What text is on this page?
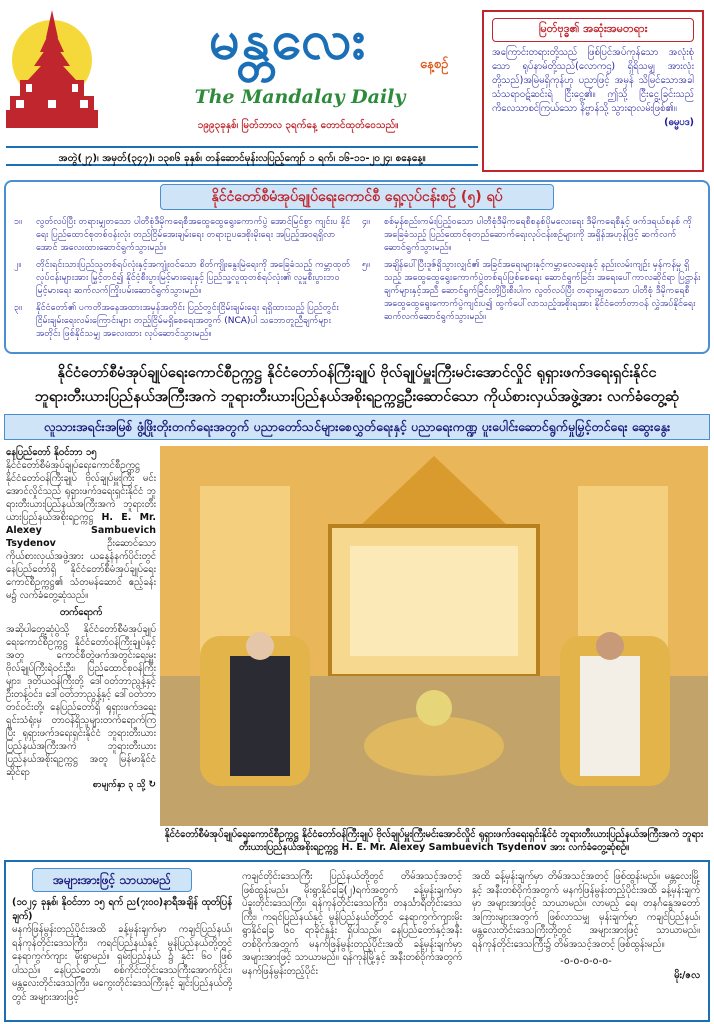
မန္တလေး	နေ့စဉ်
The Mandalay Daily
၁၉၉၃ခုနှစ်၊ မြတ်ဘာလ ၃ရက်နေ့ တောင်ထုတ်ဝေသည်။
အတွဲ(၂၇)၊ အမှတ်(၃၄၇)၊ ၁၃၈၆ ခုနှစ်၊ တန်ဆောင်မုန်းလပြည့်ကျော် ၁ ရက်၊ ၁၆-၁၁-၂၀၂၄၊ စနေနေ့။
မြတ်ဗုဒ္ဓ၏ အဆုံးအမတရား
အကြောင်းတရားတို့သည် ဖြစ်ပြင်အပ်ကုန်သော အလုံးစုံသော ရုပ်နာမ်တို့သည်(လောကဌ) ရှိရိသမျှ အားလုံးတို့သည်)အမြဲမရှိကုန်ဟု ပညာဖြင့် အမှန် သိမြင်သောအခါ သံသရာဝဋ်ဆင်းရဲ ငြီးငွေ့၏။ ဤသို့ ငြီးငွေ့ခြင်းသည် ကိလေသာစင်ကြယ်သော နိဗ္ဗာန်သို့ သွားရာလမ်းဖြစ်၏။
(ဓမ္မပဒ)
နိုင်ငံတော်စီမံအုပ်ချုပ်ရေးကောင်စီ ရှေ့လုပ်ငန်းစဉ် (၅) ရပ်
၁။	လွတ်လပ်ပြီး တရားမျှတသော ပါတီစုံဒီမိုကရေစီအထွေထွေရွေးကောက်ပွဲ အောင်မြင်စွာ ကျင်းပ နိုင်ရေး ပြည်ထောင်စုတစ်ဝန်းလုံး တည်ငြိမ်အေးချမ်းရေး တရားဥပဒေစိုးမိုးရေး အပြည့်အဝရရှိလာ အောင် အလေးထားဆောင်ရွက်သွားမည်။
၂။	တိုင်းရင်းသားပြည်သူတစ်ရပ်လုံးနှင့်အကျုံးဝင်သော စိတ်ကျိုးနွေးမြဲရေးကို အခြေခံသည့် ကမ္ဘာထုတ် လုပ်ငန်းများအား မြှင့်တင်၍ နိုင်ငံ့စီးပွားမြင့်မားရေးနှင့် ပြည်သူ့လူထုတစ်ရပ်လုံး၏ လူမှုစီးပွားဘဝ မြင့်မားရေး ဆက်လက်ကြိုးပမ်းဆောင်ရွက်သွားမည်။
၃။	နိုင်ငံတော်၏ ပကတိအနေအထားအမှန်အတိုင်း ပြည်တွင်းငြိမ်းချမ်းရေး ရရှိထားသည့် ပြည်တွင်း ငြိမ်းချမ်းရေးလမ်းကြောင်းများ တည့်ငြိမ်မရှိစေရေးအတွက် (NCA)ပါ သဘောတူညီချက်များအတိုင်း ဖြစ်နိုင်သမျှ အလေးထား လုပ်ဆောင်သွားမည်။
၄။	စစ်မှန်စည်းကမ်းပြည့်ဝသော ပါတီစုံဒီမိုကရေစီစနစ်ပိုမလေးရေး ဒီမိုကရေစီနှင့် ဖက်ဒရယ်စနစ် ကို အခြေခံသည့် ပြည်ထောင်စုတည်ဆောက်ရေးလုပ်ငန်းစဉ်များကို အရှိန်အဟုန်ဖြင့် ဆက်လက် ဆောင်ရွက်သွားမည်။
၅။	အချိန်ပေါ်ပြီးဒူဇ်ရှိသွားလျှင်၏ အခြင်အရေးများနှင့်ကမ္ဘာလေရေးနှင့် နည်းလမ်းကျဉ်း မှန်ကန်မှု ရှိသည့် အထွေထွေရွေးကောက်ပွဲတစ်ရပ်ဖြစ်စေရေး ဆောင်ရွက်ခြင်း အရေးပေါ်ကာလဆိုင်ရာ ပြဋ္ဌာန်းချက်များနှင့်အညီ ဆောင်ရွက်ခြင်းတို့ပြီးစီးပါက လွတ်လပ်ပြီး တရားမျှတသော ပါတီစုံ ဒီမိုကရေစီ အထွေထွေရွေးကောက်ပွဲကျင်းပ၍ ထွက်ပေါ်လာသည့်အစိုးရအား နိုင်ငံတော်တာဝန် လွှဲအပ်နိုင်ရေး ဆက်လက်ဆောင်ရွက်သွားမည်။
နိုင်ငံတော်စီမံအုပ်ချုပ်ရေးကောင်စီဥက္ကဋ္ဌ နိုင်ငံတော်ဝန်ကြီးချုပ် ဗိုလ်ချုပ်မှူးကြီးမင်းအောင်လှိုင် ရုရှားဖက်ဒရေးရှင်းနိုင်င
ဘူရားတီးယားပြည်နယ်အကြီးအကဲ ဘူရားတီးယားပြည်နယ်အစိုးရဥက္ကဋ္ဌဦးဆောင်သော ကိုယ်စားလှယ်အဖွဲ့အား လက်ခံတွေ့ဆုံ
လူသားအရင်းအမြစ် ဖွံ့ဖြိုးတိုးတက်ရေးအတွက် ပညာတော်သင်များစေလွှတ်ရေးနှင့် ပညာရေးကဏ္ဍ ပူးပေါင်းဆောင်ရွက်မှုမြှင့်တင်ရေး ဆွေးနွေး
နေပြည်တော် နိုဝင်ဘာ ၁၅
နိုင်ငံတော်စီမံအုပ်ချုပ်ရေးကောင်စီဥက္ကဋ္ဌ နိုင်ငံတော်ဝန်ကြီးချုပ် ဗိုလ်ချုပ်မှူးကြီး မင်းအောင်လှိုင်သည် ရုရှားဖက်ဒရေးရှင်းနိုင်ငံ ဘူရားတီးယားပြည်နယ်အကြီးအကဲ ဘူရားတီးယားပြည်နယ်အစိုးရဥက္ကဋ္ဌ H. E. Mr. Alexey Sambuevich Tsydenov	ဦးဆောင်သော ကိုယ်စားလှယ်အဖွဲ့အား ယနေ့နံနက်ပိုင်းတွင် နေပြည်တော်ရှိ နိုင်ငံတော်စီမံအုပ်ချုပ်ရေးကောင်စီဥက္ကဋ္ဌ၏ သံတမန်ဆောင် ဧည့်ခန်းမ၌ လက်ခံတွေ့ဆုံသည်။
တက်ရောက်
အဆိုပါတွေ့ဆုံပွဲသို့ နိုင်ငံတော်စီမံအုပ်ချုပ်ရေးကောင်စီဥက္ကဋ္ဌ နိုင်ငံတော်ဝန်ကြီးချုပ်နှင့်အတူ ကောင်စီတွဲဖက်အတွင်းရေးမှူး ဗိုလ်ချုပ်ကြီးရဲဝင်းဦး၊ ပြည်ထောင်စုဝန်ကြီးများ၊ ဒုတိယဝန်ကြီးတို့ ဒေါ်ဝတ်ဘာညွန့်နှင့် ဦးတန့်ဝင်း၊ ဒေါ်ဝတ်ဘာညွန့်နှင့် ဒေါ်ဝတ်ဘာတင်ဝင်းတို့၊ နေပြည်တော်ရှိ ရုရှားဖက်ဒရေးရှင်းသံရုံးမှ တာဝန်ရှိသူများတက်ရောက်ကြပြီး ရုရှားဖက်ဒရေးရှင်းနိုင်ငံ ဘူရားတီးယားပြည်နယ်အကြီးအကဲ ဘူရားတီးယားပြည်နယ်အစိုးရဥက္ကဋ္ဌ အတူ မြန်မာနိုင်ငံဆိုင်ရာ
စာမျက်နှာ ၃ သို့ ↻
နိုင်ငံတော်စီမံအုပ်ချုပ်ရေးကောင်စီဥက္ကဋ္ဌ နိုင်ငံတော်ဝန်ကြီးချုပ် ဗိုလ်ချုပ်မှူးကြီးမင်းအောင်လှိုင် ရုရှားဖက်ဒရေးရှင်းနိုင်ငံ ဘူရားတီးယားပြည်နယ်အကြီးအကဲ ဘူရားတီးယားပြည်နယ်အစိုးရဥက္ကဋ္ဌ H. E. Mr. Alexey Sambuevich Tsydenov အား လက်ခံတွေ့ဆုံစဉ်။
အများအားဖြင့် သာယာမည်
(၁၀၂၄ ခုနှစ်၊ နိုဝင်ဘာ ၁၅ ရက် ည(၇း၀၀)နာရီအချိန် ထုတ်ပြန်ချက်)
မနက်ဖြန်မွန်းတည့်ပိုင်းအထိ ခန့်မှန်းချက်မှာ ကချင်ပြည်နယ်၊ ရန်ကုန်တိုင်းဒေသကြီး၊ ကရင်ပြည်နယ်နှင့် မွန်ပြည်နယ်တို့တွင် နေရာကွက်ကျား မိုးရွာမည်။ ရှမ်းပြည်နယ် ၌ နှင်း ၆၀ ဖြစ်ပါသည်။ နေပြည်တော်၊ စစ်ကိုင်းတိုင်းဒေသကြီးအောက်ပိုင်း၊ မန္တလေးတိုင်းဒေသကြီး၊ မကွေးတိုင်းဒေသကြီးနှင့် ချင်းပြည်နယ်တို့တွင် အများအားဖြင့်
ကချင်တိုင်းဒေသကြီး ပြည်နယ်တို့တွင် တိမ်အသင့်အတင့် ဖြစ်ထွန်းမည်။ မိုးရွာနိုင်ခြေ(၂)ရက်အတွက် ခန့်မှန်းချက်မှာ ပဲခူးတိုင်းဒေသကြီး၊ ရန်ကုန်တိုင်းဒေသကြီး၊ တနင်္သာရီတိုင်းဒေသကြီး၊ ကရင်ပြည်နယ်နှင့် မွန်ပြည်နယ်တို့တွင် နေရာကွက်ကျားမိုး ရွာနိုင်ခြေ ၆၀ ရာခိုင်နှုန်း ရှိပါသည်။ နေပြည်တော်နှင့်အနီးတစ်ဝိုက်အတွက် မနက်ဖြန်မွန်းတည့်ပိုင်းအထိ ခန့်မှန်းချက်မှာ အများအားဖြင့် သာယာမည်။ ရန်ကုန်မြို့နှင့် အနီးတစ်ဝိုက်အတွက် မနက်ဖြန်မွန်းတည့်ပိုင်း
အထိ ခန့်မှန်းချက်မှာ တိမ်အသင့်အတင့် ဖြစ်ထွန်းမည်။ မန္တလေးမြို့နှင့် အနီးတစ်ဝိုက်အတွက် မနက်ဖြန်မွန်းတည့်ပိုင်းအထိ ခန့်မှန်းချက်မှာ အများအားဖြင့် သာယာမည်။ လာမည့် ရေ၊ တနင်္ဂနွေအတော်အကြားများအတွက် ဖြစ်လာသမျှ မှန်းချက်မှာ ကချင်ပြည်နယ်၊ မန္တလေးတိုင်းဒေသကြီးတို့တွင် အများအားဖြင့် သာယာမည်။ ရန်ကုန်တိုင်းဒေသကြီး၌ တိမ်အသင့်အတင့် ဖြစ်ထွန်းမည်။
-o-o-o-o-o-
မိုး/ဇလ
